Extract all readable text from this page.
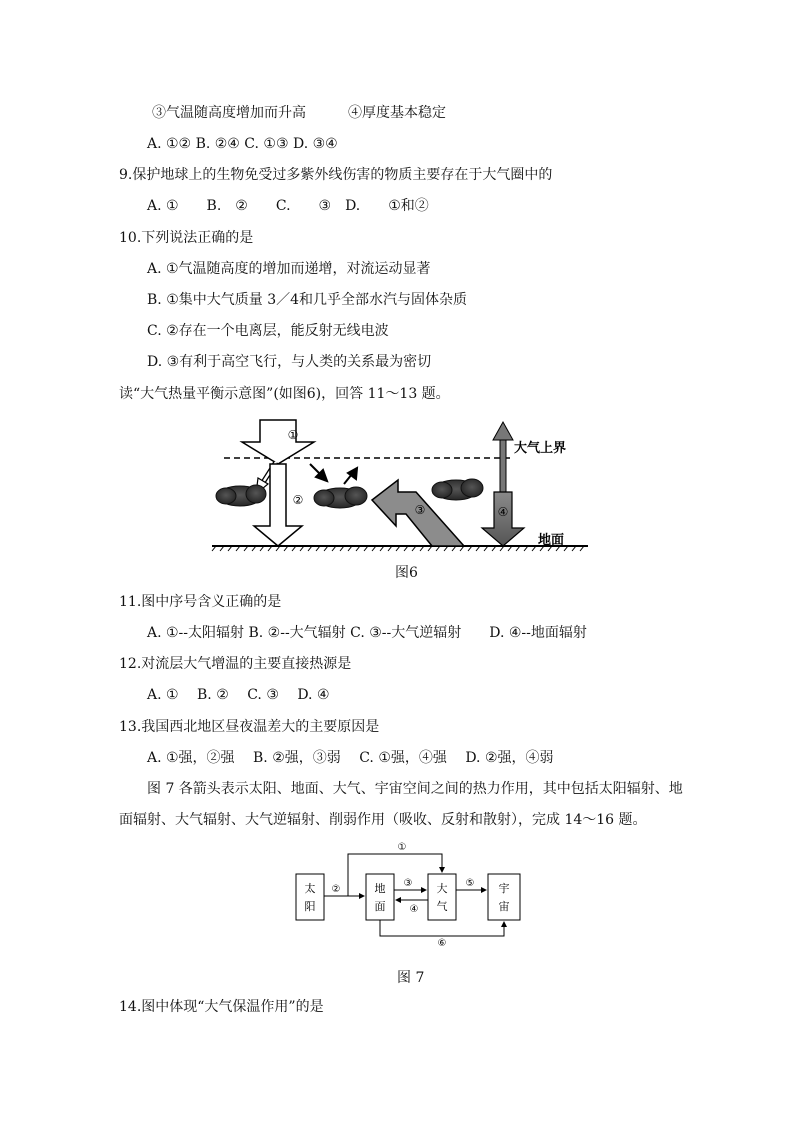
③气温随高度增加而升高　　　④厚度基本稳定
A. ①② B. ②④ C. ①③ D. ③④
9.保护地球上的生物免受过多紫外线伤害的物质主要存在于大气圈中的
A. ①　　B.　②　　C.　　③　D.　　①和②
10.下列说法正确的是
A. ①气温随高度的增加而递增，对流运动显著
B. ①集中大气质量 3／4和几乎全部水汽与固体杂质
C. ②存在一个电离层，能反射无线电波
D. ③有利于高空飞行，与人类的关系最为密切
读“大气热量平衡示意图”(如图6)，回答 11～13 题。
①
②
③	④
大气上界
地面
图6
11.图中序号含义正确的是
A. ①--太阳辐射 B. ②--大气辐射 C. ③--大气逆辐射　　D. ④--地面辐射
12.对流层大气增温的主要直接热源是
A. ①　 B. ②　 C. ③　 D. ④
13.我国西北地区昼夜温差大的主要原因是
A. ①强，②强　 B. ②强，③弱　 C. ①强，④强　 D. ②强，④弱
图 7 各箭头表示太阳、地面、大气、宇宙空间之间的热力作用，其中包括太阳辐射、地
面辐射、大气辐射、大气逆辐射、削弱作用（吸收、反射和散射），完成 14～16 题。
太
阳
地
面
大
气
宇
宙
①
②
③
④
⑤
⑥
图 7
14.图中体现“大气保温作用”的是
